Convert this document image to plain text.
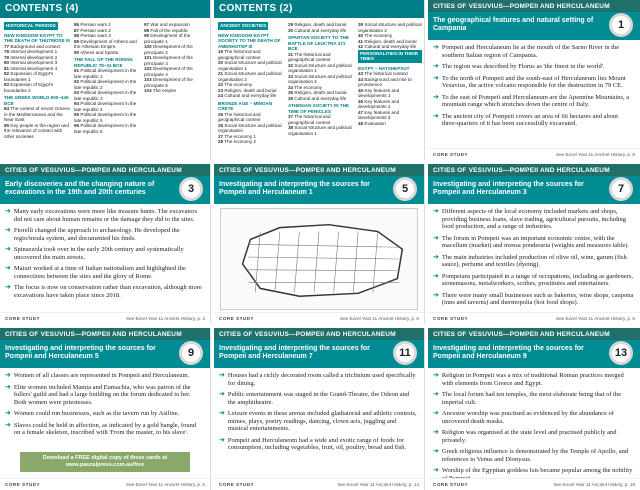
CONTENTS (4)
HISTORICAL PERIODS

NEW KINGDOM EGYPT TO THE DEATH OF THUTMOSE III
77 Background and context
78 Internal development 1
79 Internal development 2
80 Internal development 3
81 Internal development 4
82 Expansion of Egypt's boundaries 1
83 Expansion of Egypt's boundaries 2
THE GREEK WORLD 500–440 BCE
84 The context of recent Greece in the Mediterranean and the Near East
85 Key people in the region and the relevance of contact with other societies
86 Persian wars 1
87 Persian wars 2
88 Persian wars 3
89 Development of Athens and the Athenian Empire
90 Athens and Sparta
THE FALL OF THE ROMAN REPUBLIC 78–31 BCE
91 Political development in the late republic 1
92 Political development in the late republic 2
93 Political development in the late republic 3
94 Political development in the late republic 4
95 Political development in the late republic 5
96 Political development in the late republic 6
97 War and expansion
98 Fall of the republic
99 Development of the principate 1
100 Development of the principate 2
101 Development of the principate 3
102 Development of the principate 4
103 Development of the principate 5
104 The empire
CONTENTS (2)
ANCIENT SOCIETIES

NEW KINGDOM EGYPT SOCIETY TO THE DEATH OF AMENHOTEP III
19 The historical and geographical context
20 Social structure and political organisation 1
21 Social structure and political organisation 2
22 The economy
23 Religion, death and burial
24 Cultural and everyday life
BRONZE AGE – MINOAN CRETE
25 The historical and geographical context
26 Social structure and political organisation
27 The economy 1
28 The economy 2
29 Religion, death and burial
30 Cultural and everyday life
SPARTAN SOCIETY TO THE BATTLE OF LEUCTRA 371 BCE
31 The historical and geographical context
32 Social structure and political organisation 1
33 Social structure and political organisation 2
34 The economy
35 Religion, death and burial
36 Cultural and everyday life
ATHENIAN SOCIETY IN THE TIME OF PERICLES
37 The historical and geographical context
38 Social structure and political organisation 1
39 Social structure and political organisation 2
40 The economy
41 Religion, death and burial
42 Cultural and everyday life
PERSONALITIES IN THEIR TIMES

EGYPT – HATSHEPSUT
43 The historical context
44 Background and rise to prominence
45 Key features and developments 1
46 Key features and developments 2
47 Key features and developments 3
48 Evaluation
CITIES OF VESUVIUS—POMPEII AND HERCULANEUM
The geographical features and natural setting of Campania	1
➔ Pompeii and Herculaneum lie at the mouth of the Sarno River in the southern Italian region of Campania.
➔ The region was described by Florus as 'the finest in the world'.
➔ To the north of Pompeii and the south-east of Herculaneum lies Mount Vesuvius, the active volcano responsible for the destruction in 79 CE.
➔ To the east of Pompeii and Herculaneum are the Apennine Mountains, a mountain range which stretches down the centre of Italy.
➔ The ancient city of Pompeii covers an area of 66 hectares and about three-quarters of it has been successfully excavated.
CORE STUDY	See Excel Year 11 Ancient History, p. 8
CITIES OF VESUVIUS—POMPEII AND HERCULANEUM
Early discoveries and the changing nature of excavations in the 19th and 20th centuries	3
➔ Many early excavations were more like treasure hunts. The excavators did not care about human remains or the damage they did to the sites.
➔ Fiorelli changed the approach to archaeology. He developed the regio/insula system, and documented his finds.
➔ Spinazzola took over in the early 20th century and systematically uncovered the main streets.
➔ Maiuri worked at a time of Italian nationalism and highlighted the connections between the sites and the glory of Rome.
➔ The focus is now on conservation rather than excavation, although more excavations have taken place since 2018.
CORE STUDY	See Excel Year 11 Ancient History, p. 4
CITIES OF VESUVIUS—POMPEII AND HERCULANEUM
Investigating and interpreting the sources for Pompeii and Herculaneum 1	5
CORE STUDY	See Excel Year 11 Ancient History, p. 5
CITIES OF VESUVIUS—POMPEII AND HERCULANEUM
Investigating and interpreting the sources for Pompeii and Herculaneum 3	7
➔ Different aspects of the local economy included markets and shops, providing business loans, slave trading, agricultural pursuits, including food production, and a range of industries.
➔ The forum in Pompeii was an important economic centre, with the macellum (market) and mensa ponderaria (weights and measures table).
➔ The main industries included production of olive oil, wine, garum (fish sauce), perfume and textiles (dyeing).
➔ Pompeians participated in a range of occupations, including as gardeners, stonemasons, metalworkers, scribes, prostitutes and entertainers.
➔ There were many small businesses such as bakeries, wine shops, caupona (inns and taverns) and thermopolia (hot food shops).
CORE STUDY	See Excel Year 11 Ancient History, p. 6
CITIES OF VESUVIUS—POMPEII AND HERCULANEUM
Investigating and interpreting the sources for Pompeii and Herculaneum 5	9
➔ Women of all classes are represented in Pompeii and Herculaneum.
➔ Elite women included Mamia and Eumachia, who was patron of the fullers' guild and had a large building on the forum dedicated to her. Both women were priestesses.
➔ Women could run businesses, such as the tavern run by Asiline.
➔ Slaves could be held in affection, as indicated by a gold bangle, found on a female skeleton, inscribed with 'From the master, to his slave'.
Download a FREE digital copy of these cards at www.pascalpress.com.au/free
CORE STUDY	See Excel Year 11 Ancient History, p. 5
CITIES OF VESUVIUS—POMPEII AND HERCULANEUM
Investigating and interpreting the sources for Pompeii and Herculaneum 7	11
➔ Houses had a richly decorated room called a triclinium used specifically for dining.
➔ Public entertainment was staged in the Grand-Theatre, the Odeon and the amphitheatre.
➔ Leisure events in these arenas included gladiatorial and athletic contests, mimes, plays, poetry readings, dancing, clown acts, juggling and musical entertainments.
➔ Pompeii and Herculaneum had a wide and exotic range of foods for consumption, including vegetables, fruit, oil, poultry, bread and fish.
CORE STUDY	See Excel Year 11 Ancient History, p. 14
CITIES OF VESUVIUS—POMPEII AND HERCULANEUM
Investigating and interpreting the sources for Pompeii and Herculaneum 9	13
➔ Religion in Pompeii was a mix of traditional Roman practices merged with elements from Greece and Egypt.
➔ The local forum had ten temples, the most elaborate being that of the imperial cult.
➔ Ancestor worship was practised as evidenced by the abundance of uncovered death masks.
➔ Religion was organised at the state level and practised publicly and privately.
➔ Greek religious influence is demonstrated by the Temple of Apollo, and references to Venus and Dionysus.
➔ Worship of the Egyptian goddess Isis became popular among the nobility
CORE STUDY	See Excel Year 11 Ancient History, p. 16
